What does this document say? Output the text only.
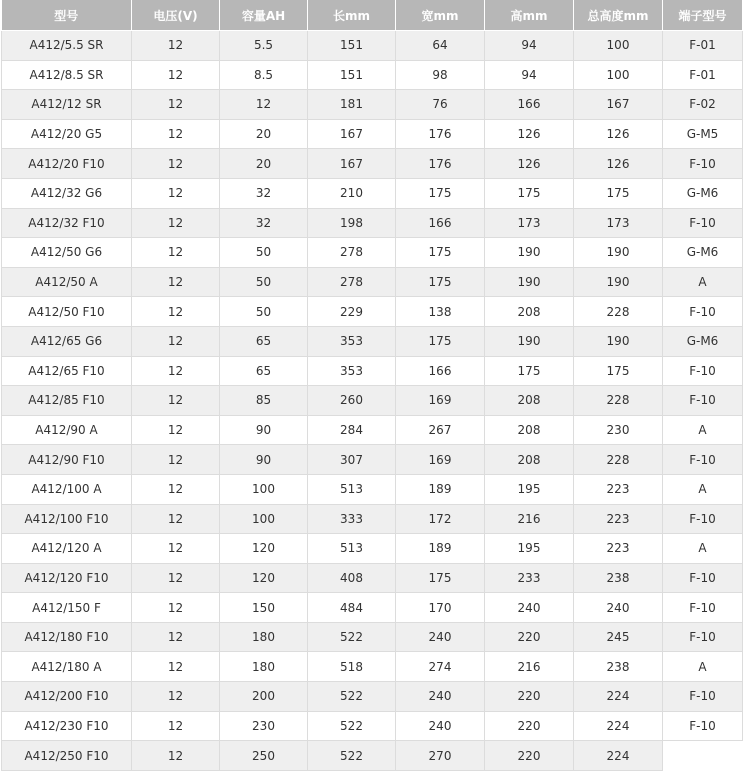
型号	电压(V)	容量AH	长mm	宽mm	高mm	总高度mm	端子型号
A412/5.5 SR	12	5.5	151	64	94	100	F-01
A412/8.5 SR	12	8.5	151	98	94	100	F-01
A412/12 SR	12	12	181	76	166	167	F-02
A412/20 G5	12	20	167	176	126	126	G-M5
A412/20 F10	12	20	167	176	126	126	F-10
A412/32 G6	12	32	210	175	175	175	G-M6
A412/32 F10	12	32	198	166	173	173	F-10
A412/50 G6	12	50	278	175	190	190	G-M6
A412/50 A	12	50	278	175	190	190	A
A412/50 F10	12	50	229	138	208	228	F-10
A412/65 G6	12	65	353	175	190	190	G-M6
A412/65 F10	12	65	353	166	175	175	F-10
A412/85 F10	12	85	260	169	208	228	F-10
A412/90 A	12	90	284	267	208	230	A
A412/90 F10	12	90	307	169	208	228	F-10
A412/100 A	12	100	513	189	195	223	A
A412/100 F10	12	100	333	172	216	223	F-10
A412/120 A	12	120	513	189	195	223	A
A412/120 F10	12	120	408	175	233	238	F-10
A412/150 F	12	150	484	170	240	240	F-10
A412/180 F10	12	180	522	240	220	245	F-10
A412/180 A	12	180	518	274	216	238	A
A412/200 F10	12	200	522	240	220	224	F-10
A412/230 F10	12	230	522	240	220	224	F-10
A412/250 F10	12	250	522	270	220	224	
